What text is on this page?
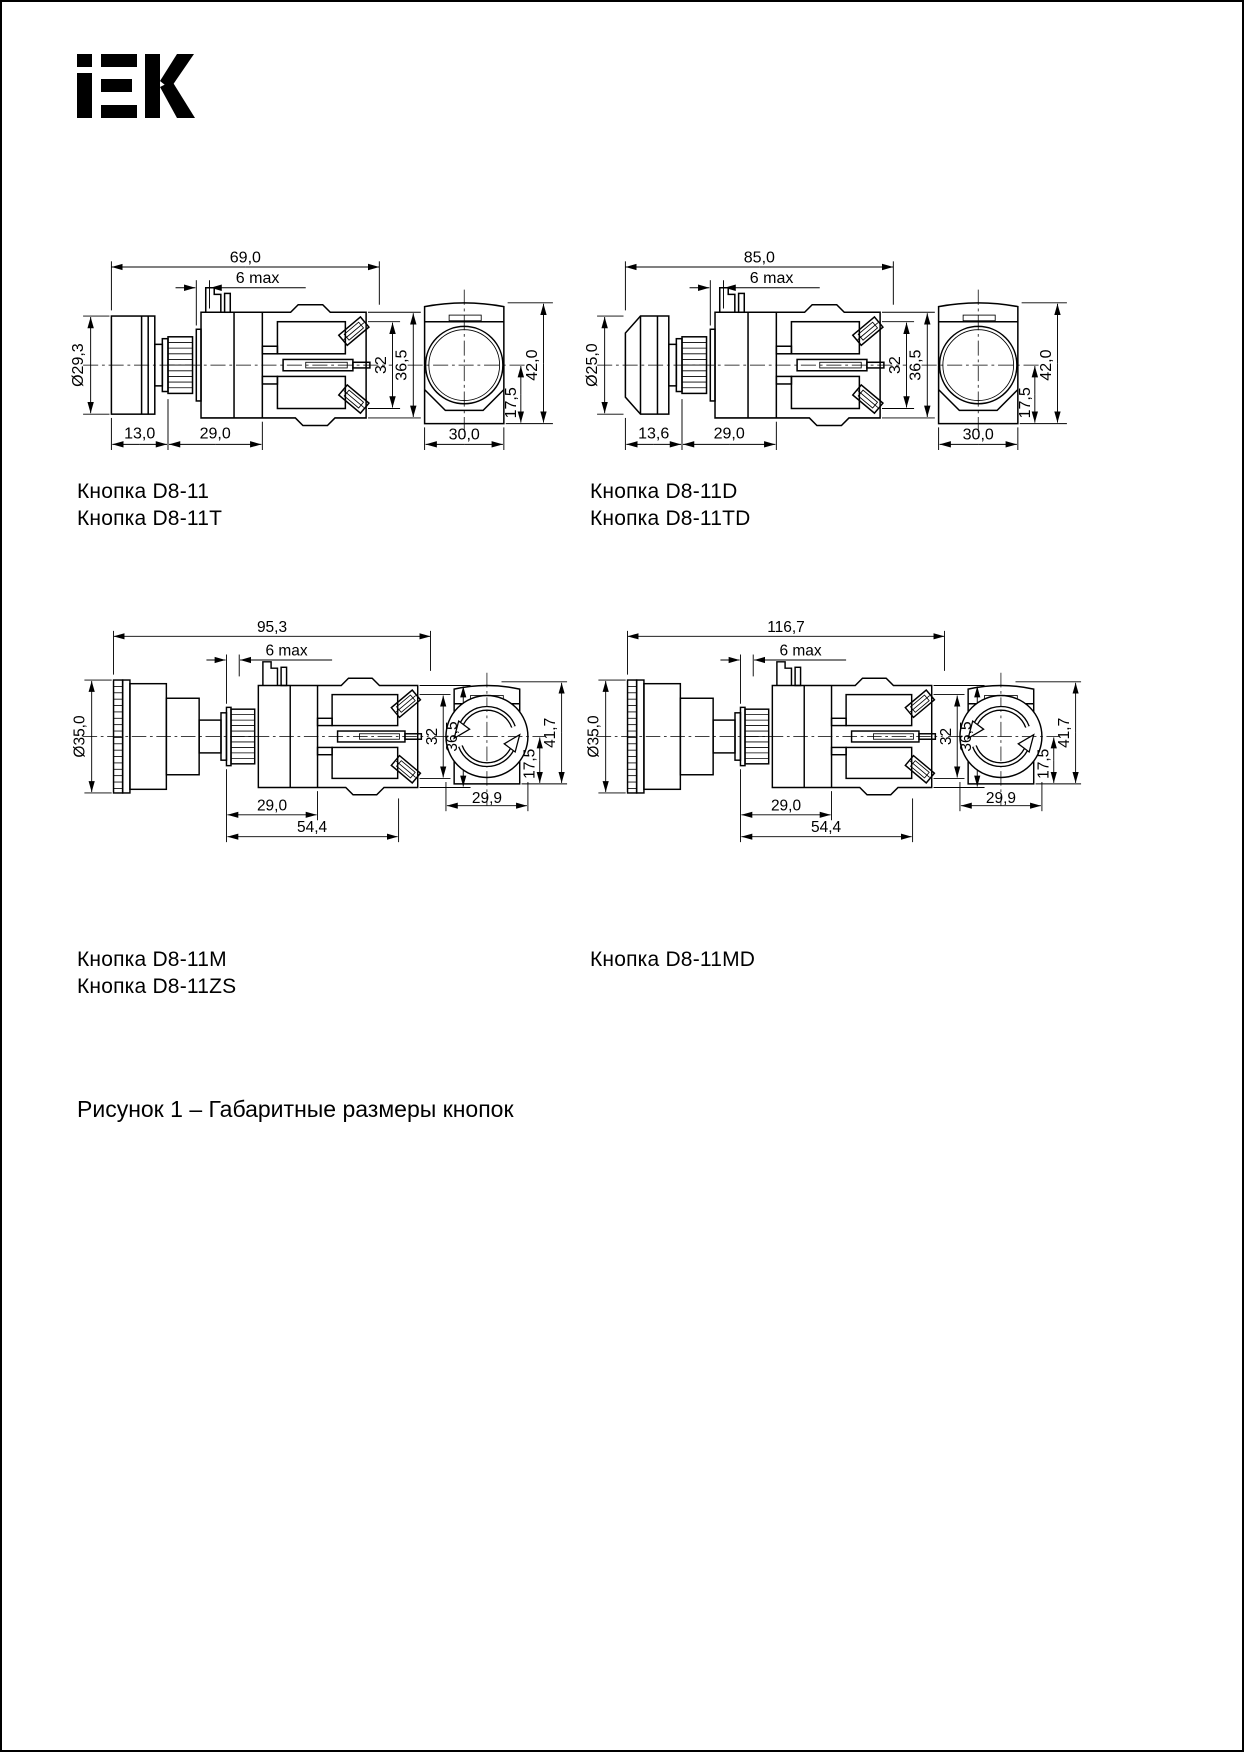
69,0
6 max
Ø29,3
13,0	29,0
32 36,5
30,0
17,5
42,0
85,0
6 max
Ø25,0
13,6	29,0
32 36,5
30,0
17,5
42,0
Кнопка D8-11
Кнопка D8-11T
Кнопка D8-11D
Кнопка D8-11TD
95,3
6 max
Ø35,0
29,0
54,4
32 36,5
29,9
17,5
41,7
116,7
6 max
Ø35,0
29,0
54,4
32 36,5
29,9
17,5
41,7
Кнопка D8-11M
Кнопка D8-11ZS
Кнопка D8-11MD
Рисунок 1 – Габаритные размеры кнопок
